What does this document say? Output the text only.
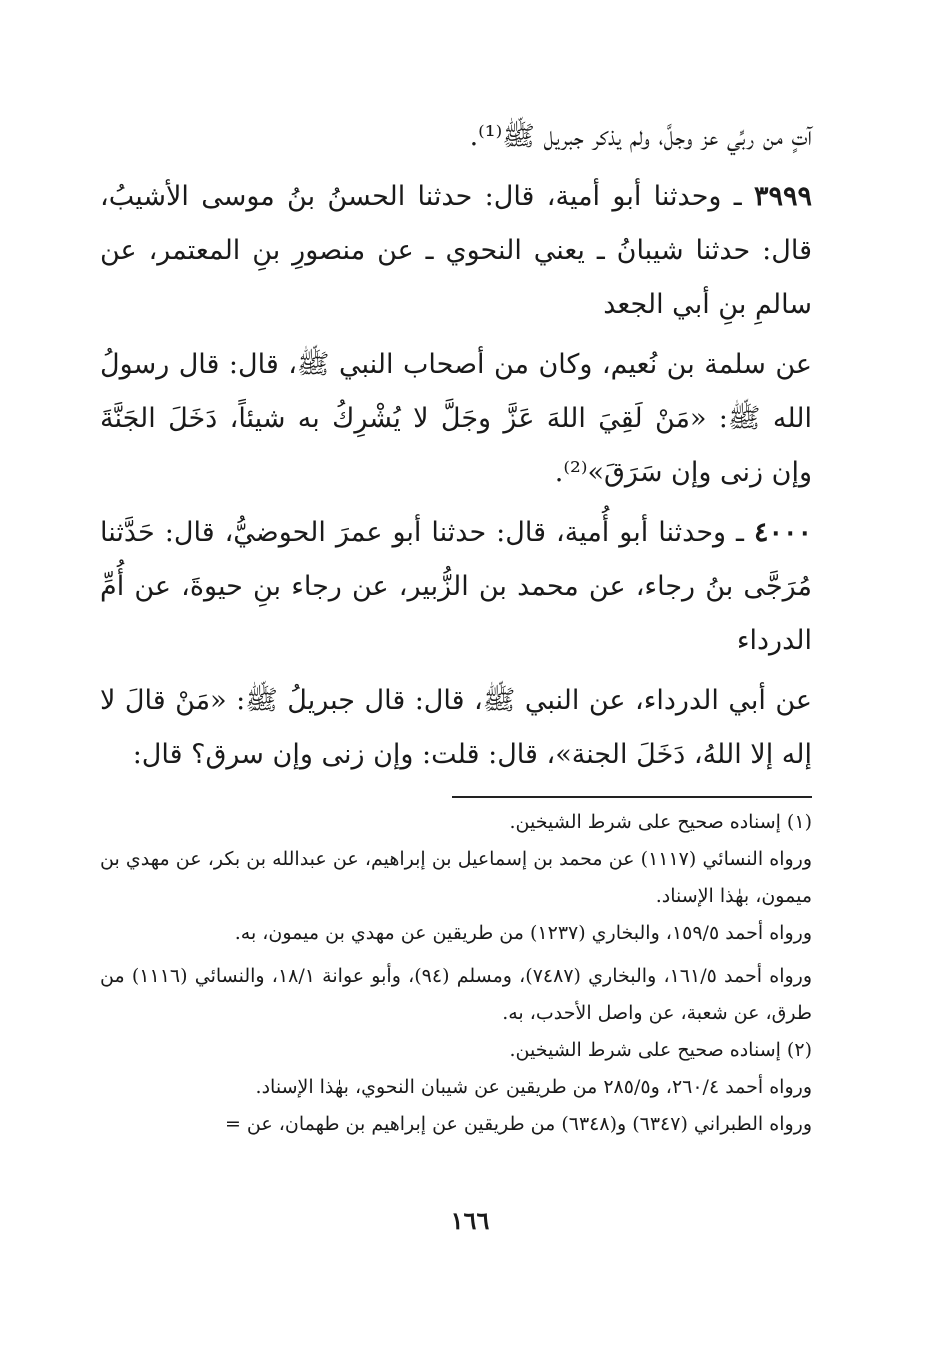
آتٍ من ربِّي عز وجلَّ، ولم يذكر جبريل ﷺ⁽¹⁾.

٣٩٩٩ ـ وحدثنا أبو أمية، قال: حدثنا الحسنُ بنُ موسى الأشيبُ، قال: حدثنا شيبانُ ـ يعني النحوي ـ عن منصورِ بنِ المعتمر، عن سالمِ بنِ أبي الجعد

عن سلمة بن نُعيم، وكان من أصحاب النبي ﷺ، قال: قال رسولُ الله ﷺ: «مَنْ لَقِيَ اللهَ عَزَّ وجَلَّ لا يُشْرِكُ به شيئاً، دَخَلَ الجَنَّةَ وإن زنى وإن سَرَقَ»⁽²⁾.

٤٠٠٠ ـ وحدثنا أبو أُمية، قال: حدثنا أبو عمرَ الحوضيُّ، قال: حَدَّثنا مُرَجَّى بنُ رجاء، عن محمد بن الزُّبير، عن رجاء بنِ حيوةَ، عن أُمِّ الدرداء

عن أبي الدرداء، عن النبي ﷺ، قال: قال جبريلُ ﷺ: «مَنْ قالَ لا إله إلا اللهُ، دَخَلَ الجنة»، قال: قلت: وإن زنى وإن سرق؟ قال:

(١) إسناده صحيح على شرط الشيخين.

ورواه النسائي (١١١٧) عن محمد بن إسماعيل بن إبراهيم، عن عبدالله بن بكر، عن مهدي بن ميمون، بهٰذا الإسناد.

ورواه أحمد ١٥٩/٥، والبخاري (١٢٣٧) من طريقين عن مهدي بن ميمون، به.

ورواه أحمد ١٦١/٥، والبخاري (٧٤٨٧)، ومسلم (٩٤)، وأبو عوانة ١٨/١، والنسائي (١١١٦) من طرق، عن شعبة، عن واصل الأحدب، به.

(٢) إسناده صحيح على شرط الشيخين.

ورواه أحمد ٢٦٠/٤، و٢٨٥/٥ من طريقين عن شيبان النحوي، بهٰذا الإسناد.

ورواه الطبراني (٦٣٤٧) و(٦٣٤٨) من طريقين عن إبراهيم بن طهمان، عن =

١٦٦
